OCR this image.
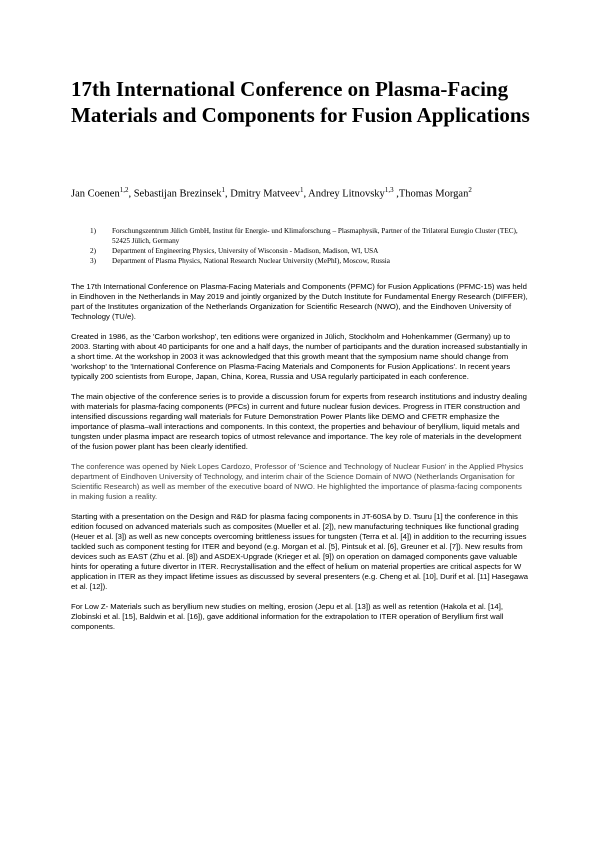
17th International Conference on Plasma-Facing Materials and Components for Fusion Applications
Jan Coenen$^{1,2}$, Sebastijan Brezinsek$^1$, Dmitry Matveev$^1$, Andrey Litnovsky$^{1,3}$ ,Thomas Morgan$^2$
1) Forschungszentrum Jülich GmbH, Institut für Energie- und Klimaforschung – Plasmaphysik, Partner of the Trilateral Euregio Cluster (TEC), 52425 Jülich, Germany
2) Department of Engineering Physics, University of Wisconsin - Madison, Madison, WI, USA
3) Department of Plasma Physics, National Research Nuclear University (MePhI), Moscow, Russia

The 17th International Conference on Plasma-Facing Materials and Components (PFMC) for Fusion Applications (PFMC-15) was held in Eindhoven in the Netherlands in May 2019 and jointly organized by the Dutch Institute for Fundamental Energy Research (DIFFER), part of the Institutes organization of the Netherlands Organization for Scientific Research (NWO), and the Eindhoven University of Technology (TU/e).

Created in 1986, as the 'Carbon workshop', ten editions were organized in Jülich, Stockholm and Hohenkammer (Germany) up to 2003. Starting with about 40 participants for one and a half days, the number of participants and the duration increased substantially in a short time. At the workshop in 2003 it was acknowledged that this growth meant that the symposium name should change from 'workshop' to the 'International Conference on Plasma-Facing Materials and Components for Fusion Applications'. In recent years typically 200 scientists from Europe, Japan, China, Korea, Russia and USA regularly participated in each conference.

The main objective of the conference series is to provide a discussion forum for experts from research institutions and industry dealing with materials for plasma-facing components (PFCs) in current and future nuclear fusion devices. Progress in ITER construction and intensified discussions regarding wall materials for Future Demonstration Power Plants like DEMO and CFETR emphasize the importance of plasma–wall interactions and components. In this context, the properties and behaviour of beryllium, liquid metals and tungsten under plasma impact are research topics of utmost relevance and importance. The key role of materials in the development of the fusion power plant has been clearly identified.

The conference was opened by Niek Lopes Cardozo, Professor of 'Science and Technology of Nuclear Fusion' in the Applied Physics department of Eindhoven University of Technology, and interim chair of the Science Domain of NWO (Netherlands Organisation for Scientific Research) as well as member of the executive board of NWO. He highlighted the importance of plasma-facing components in making fusion a reality.

Starting with a presentation on the Design and R&D for plasma facing components in JT-60SA by D. Tsuru [1] the conference in this edition focused on advanced materials such as composites (Mueller et al. [2]), new manufacturing techniques like functional grading (Heuer et al. [3]) as well as new concepts overcoming brittleness issues for tungsten (Terra et al. [4]) in addition to the recurring issues tackled such as component testing for ITER and beyond (e.g. Morgan et al. [5], Pintsuk et al. [6], Greuner et al. [7]). New results from devices such as EAST (Zhu et al. [8]) and ASDEX-Upgrade (Krieger et al. [9]) on operation on damaged components gave valuable hints for operating a future divertor in ITER. Recrystallisation and the effect of helium on material properties are critical aspects for W application in ITER as they impact lifetime issues as discussed by several presenters (e.g. Cheng et al. [10], Durif et al. [11] Hasegawa et al. [12]).

For Low Z- Materials such as beryllium new studies on melting, erosion (Jepu et al. [13]) as well as retention (Hakola et al. [14], Zlobinski et al. [15], Baldwin et al. [16]), gave additional information for the extrapolation to ITER operation of Beryllium first wall components.
